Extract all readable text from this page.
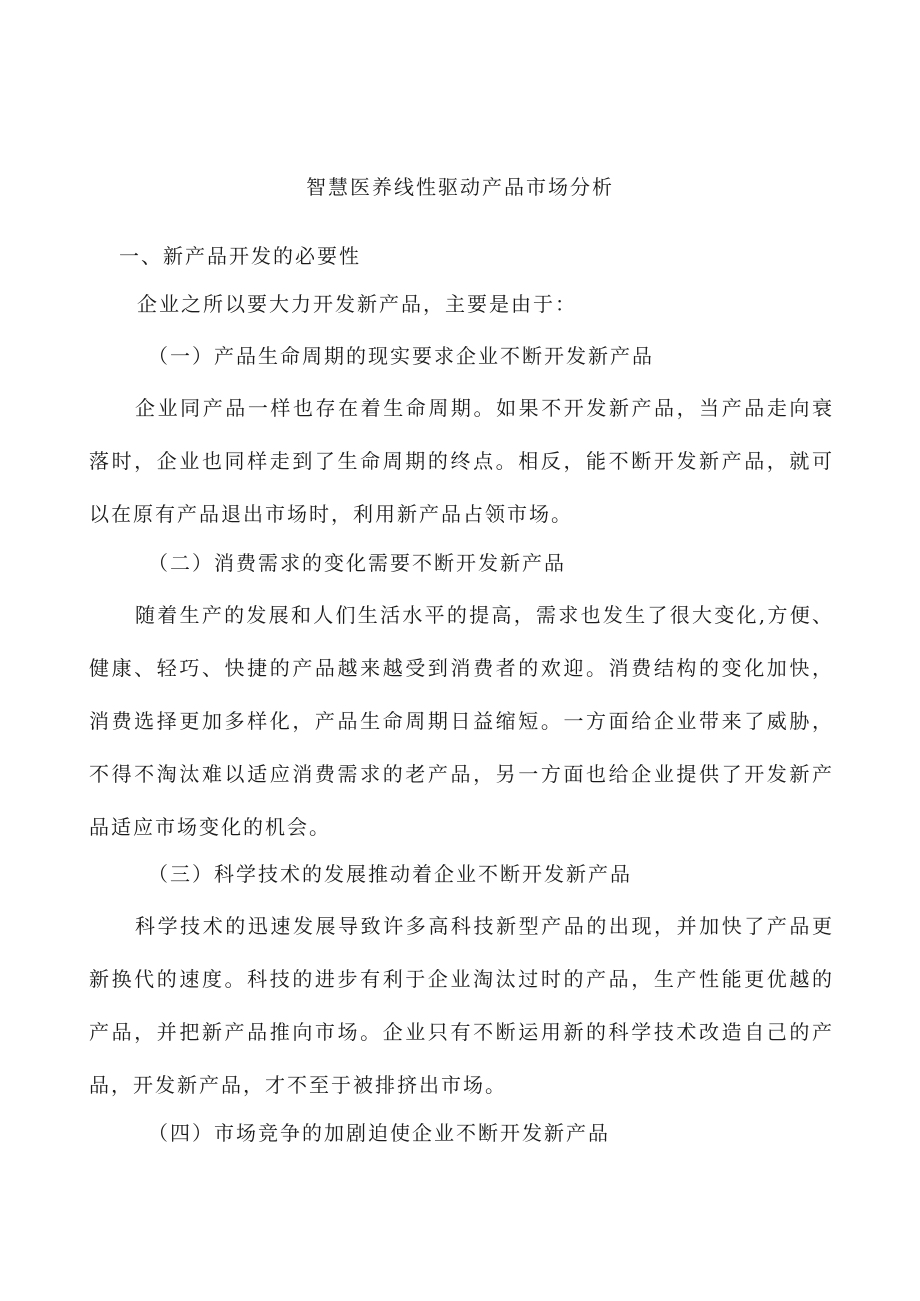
智慧医养线性驱动产品市场分析

一、新产品开发的必要性

企业之所以要大力开发新产品，主要是由于：

（一）产品生命周期的现实要求企业不断开发新产品

企业同产品一样也存在着生命周期。如果不开发新产品，当产品走向衰落时，企业也同样走到了生命周期的终点。相反，能不断开发新产品，就可以在原有产品退出市场时，利用新产品占领市场。

（二）消费需求的变化需要不断开发新产品

随着生产的发展和人们生活水平的提高，需求也发生了很大变化,方便、健康、轻巧、快捷的产品越来越受到消费者的欢迎。消费结构的变化加快，消费选择更加多样化，产品生命周期日益缩短。一方面给企业带来了威胁，不得不淘汰难以适应消费需求的老产品，另一方面也给企业提供了开发新产品适应市场变化的机会。

（三）科学技术的发展推动着企业不断开发新产品

科学技术的迅速发展导致许多高科技新型产品的出现，并加快了产品更新换代的速度。科技的进步有利于企业淘汰过时的产品，生产性能更优越的产品，并把新产品推向市场。企业只有不断运用新的科学技术改造自己的产品，开发新产品，才不至于被排挤出市场。

（四）市场竞争的加剧迫使企业不断开发新产品
